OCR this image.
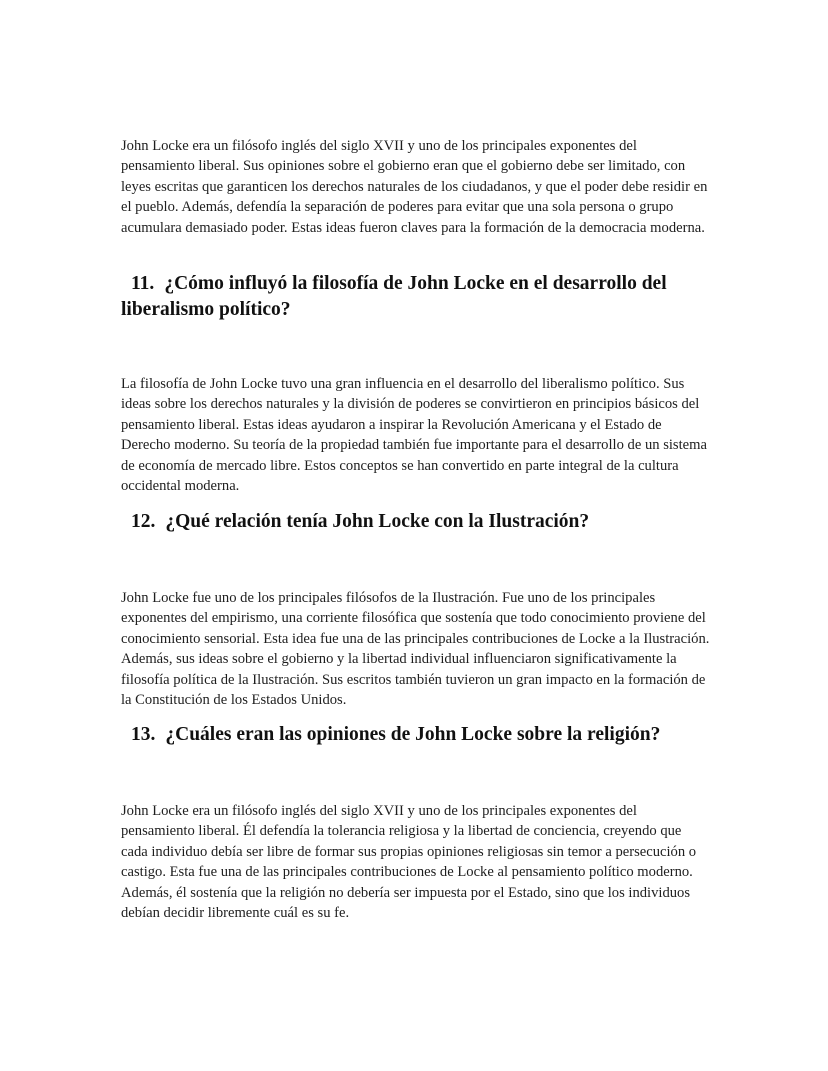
John Locke era un filósofo inglés del siglo XVII y uno de los principales exponentes del pensamiento liberal. Sus opiniones sobre el gobierno eran que el gobierno debe ser limitado, con leyes escritas que garanticen los derechos naturales de los ciudadanos, y que el poder debe residir en el pueblo. Además, defendía la separación de poderes para evitar que una sola persona o grupo acumulara demasiado poder. Estas ideas fueron claves para la formación de la democracia moderna.

11. ¿Cómo influyó la filosofía de John Locke en el desarrollo del liberalismo político?

La filosofía de John Locke tuvo una gran influencia en el desarrollo del liberalismo político. Sus ideas sobre los derechos naturales y la división de poderes se convirtieron en principios básicos del pensamiento liberal. Estas ideas ayudaron a inspirar la Revolución Americana y el Estado de Derecho moderno. Su teoría de la propiedad también fue importante para el desarrollo de un sistema de economía de mercado libre. Estos conceptos se han convertido en parte integral de la cultura occidental moderna.

12. ¿Qué relación tenía John Locke con la Ilustración?

John Locke fue uno de los principales filósofos de la Ilustración. Fue uno de los principales exponentes del empirismo, una corriente filosófica que sostenía que todo conocimiento proviene del conocimiento sensorial. Esta idea fue una de las principales contribuciones de Locke a la Ilustración. Además, sus ideas sobre el gobierno y la libertad individual influenciaron significativamente la filosofía política de la Ilustración. Sus escritos también tuvieron un gran impacto en la formación de la Constitución de los Estados Unidos.

13. ¿Cuáles eran las opiniones de John Locke sobre la religión?

John Locke era un filósofo inglés del siglo XVII y uno de los principales exponentes del pensamiento liberal. Él defendía la tolerancia religiosa y la libertad de conciencia, creyendo que cada individuo debía ser libre de formar sus propias opiniones religiosas sin temor a persecución o castigo. Esta fue una de las principales contribuciones de Locke al pensamiento político moderno. Además, él sostenía que la religión no debería ser impuesta por el Estado, sino que los individuos debían decidir libremente cuál es su fe.
